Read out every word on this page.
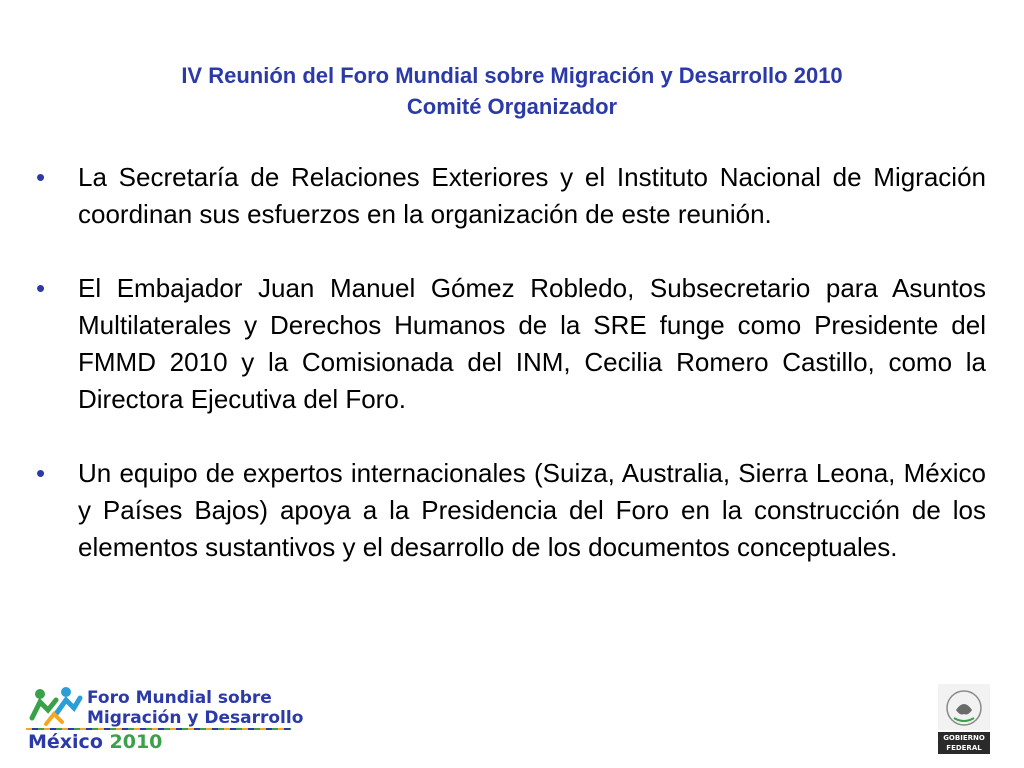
IV Reunión del Foro Mundial sobre Migración y Desarrollo 2010
Comité Organizador
• La Secretaría de Relaciones Exteriores y el Instituto Nacional de Migración coordinan sus esfuerzos en la organización de este reunión.
• El Embajador Juan Manuel Gómez Robledo, Subsecretario para Asuntos Multilaterales y Derechos Humanos de la SRE funge como Presidente del FMMD 2010 y la Comisionada del INM, Cecilia Romero Castillo, como la Directora Ejecutiva del Foro.
• Un equipo de expertos internacionales (Suiza, Australia, Sierra Leona, México y Países Bajos) apoya a la Presidencia del Foro en la construcción de los elementos sustantivos y el desarrollo de los documentos conceptuales.
Foro Mundial sobre
Migración y Desarrollo
México 2010	GOBIERNO
FEDERAL
